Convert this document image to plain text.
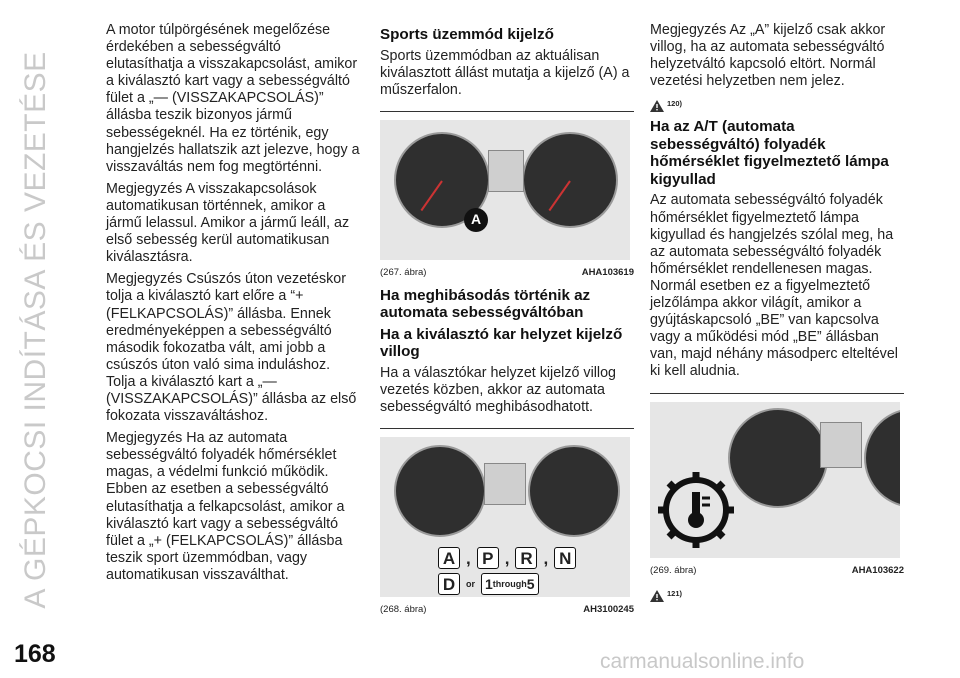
A GÉPKOCSI INDÍTÁSA ÉS VEZETÉSE
168

A motor túlpörgésének megelőzése érdekében a sebességváltó elutasíthatja a visszakapcsolást, amikor a kiválasztó kart vagy a sebességváltó fület a „— (VISSZAKAPCSOLÁS)” állásba teszik bizonyos jármű sebességeknél. Ha ez történik, egy hangjelzés hallatszik azt jelezve, hogy a visszaváltás nem fog megtörténni.

Megjegyzés A visszakapcsolások automatikusan történnek, amikor a jármű lelassul. Amikor a jármű leáll, az első sebesség kerül automatikusan kiválasztásra.

Megjegyzés Csúszós úton vezetéskor tolja a kiválasztó kart előre a “+ (FELKAPCSOLÁS)” állásba. Ennek eredményeképpen a sebességváltó második fokozatba vált, ami jobb a csúszós úton való sima induláshoz. Tolja a kiválasztó kart a „— (VISSZAKAPCSOLÁS)” állásba az első fokozata visszaváltáshoz.

Megjegyzés Ha az automata sebességváltó folyadék hőmérséklet magas, a védelmi funkció működik. Ebben az esetben a sebességváltó elutasíthatja a felkapcsolást, amikor a kiválasztó kart vagy a sebességváltó fület a „+ (FELKAPCSOLÁS)” állásba teszik sport üzemmódban, vagy automatikusan visszaválthat.

Sports üzemmód kijelző

Sports üzemmódban az aktuálisan kiválasztott állást mutatja a kijelző (A) a műszerfalon.

A
(267. ábra)	AHA103619
Ha meghibásodás történik az automata sebességváltóban
Ha a kiválasztó kar helyzet kijelző villog

Ha a választókar helyzet kijelző villog vezetés közben, akkor az automata sebességváltó meghibásodhatott.

A , P , R , N
D	or 1 through 5
(268. ábra)	AH3100245

Megjegyzés Az „A” kijelző csak akkor villog, ha az automata sebességváltó helyzetváltó kapcsoló eltört. Normál vezetési helyzetben nem jelez.

120)
Ha az A/T (automata sebességváltó) folyadék hőmérséklet figyelmeztető lámpa kigyullad

Az automata sebességváltó folyadék hőmérséklet figyelmeztető lámpa kigyullad és hangjelzés szólal meg, ha az automata sebességváltó folyadék hőmérséklet rendellenesen magas. Normál esetben ez a figyelmeztető jelzőlámpa akkor világít, amikor a gyújtáskapcsoló „BE” van kapcsolva vagy a működési mód „BE” állásban van, majd néhány másodperc elteltével ki kell aludnia.

(269. ábra)	AHA103622
121)
carmanualsonline.info
